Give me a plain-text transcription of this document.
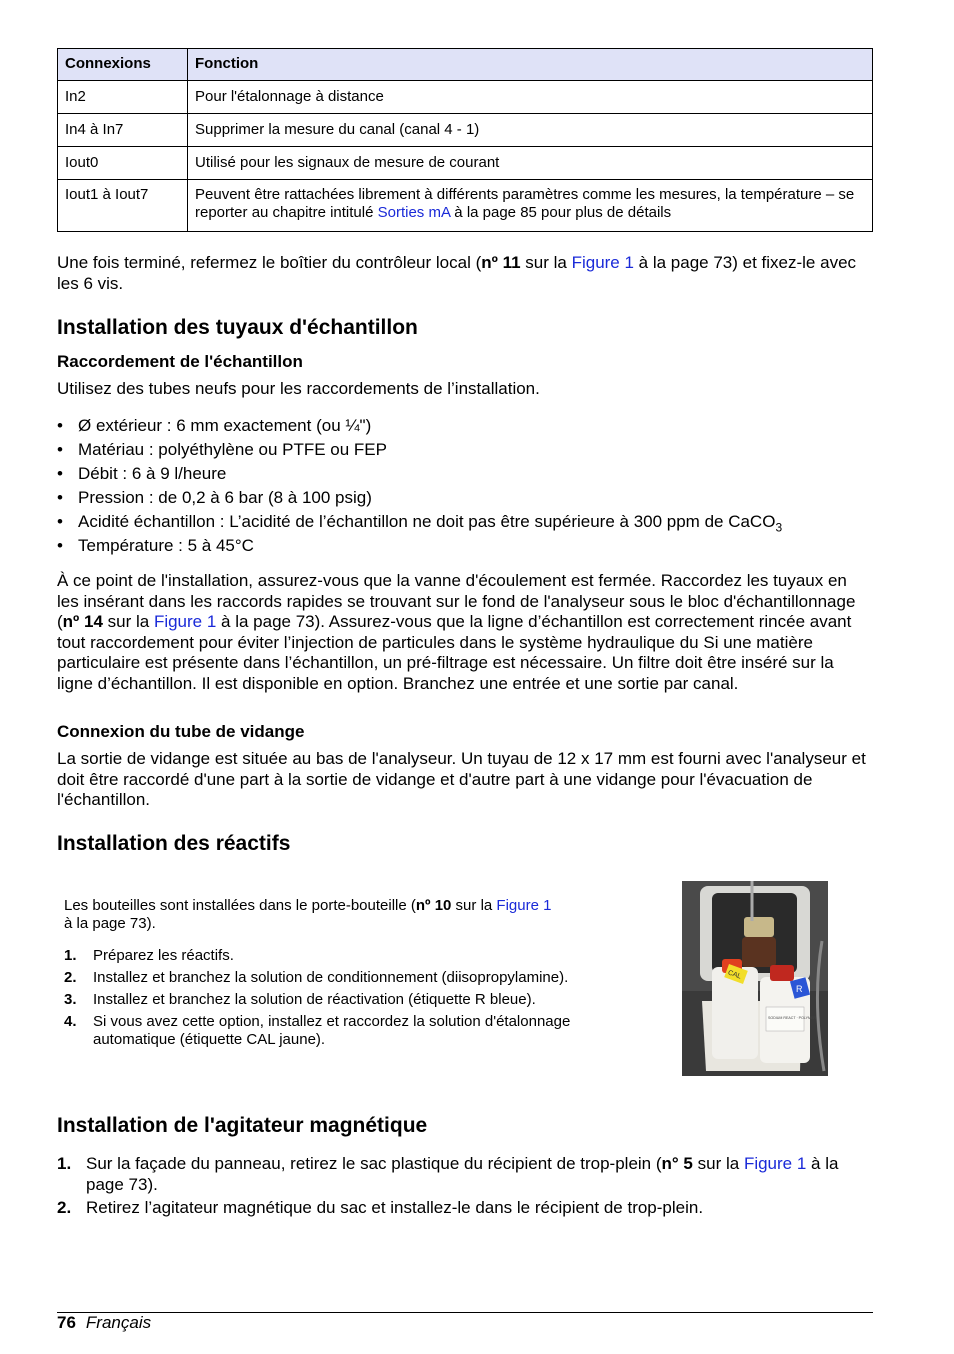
Connexions	Fonction
In2	Pour l'étalonnage à distance
In4 à In7	Supprimer la mesure du canal (canal 4 - 1)
Iout0	Utilisé pour les signaux de mesure de courant
Iout1 à Iout7	Peuvent être rattachées librement à différents paramètres comme les mesures, la température – se reporter au chapitre intitulé Sorties mA à la page 85 pour plus de détails

Une fois terminé, refermez le boîtier du contrôleur local (nº 11 sur la Figure 1 à la page 73) et fixez-le avec les 6 vis.

Installation des tuyaux d'échantillon
Raccordement de l'échantillon

Utilisez des tubes neufs pour les raccordements de l’installation.

• Ø extérieur : 6 mm exactement (ou ¼")
• Matériau : polyéthylène ou PTFE ou FEP
• Débit : 6 à 9 l/heure
• Pression : de 0,2 à 6 bar (8 à 100 psig)
• Acidité échantillon : L’acidité de l’échantillon ne doit pas être supérieure à 300 ppm de CaCO$_3$
• Température : 5 à 45°C

À ce point de l'installation, assurez-vous que la vanne d'écoulement est fermée. Raccordez les tuyaux en les insérant dans les raccords rapides se trouvant sur le fond de l'analyseur sous le bloc d'échantillonnage (nº 14 sur la Figure 1 à la page 73). Assurez-vous que la ligne d’échantillon est correctement rincée avant tout raccordement pour éviter l’injection de particules dans le système hydraulique du Si une matière particulaire est présente dans l’échantillon, un pré-filtrage est nécessaire. Un filtre doit être inséré sur la ligne d’échantillon. Il est disponible en option. Branchez une entrée et une sortie par canal.

Connexion du tube de vidange

La sortie de vidange est située au bas de l'analyseur. Un tuyau de 12 x 17 mm est fourni avec l'analyseur et doit être raccordé d'une part à la sortie de vidange et d'autre part à une vidange pour l'évacuation de l'échantillon.

Installation des réactifs

Les bouteilles sont installées dans le porte-bouteille (nº 10 sur la Figure 1
à la page 73).

1. Préparez les réactifs.
2. Installez et branchez la solution de conditionnement (diisopropylamine).
3. Installez et branchez la solution de réactivation (étiquette R bleue).
4. Si vous avez cette option, installez et raccordez la solution d'étalonnage automatique (étiquette CAL jaune).
CAL
R
SODIUM REACT · POLYMER
Installation de l'agitateur magnétique
1. Sur la façade du panneau, retirez le sac plastique du récipient de trop-plein (n° 5 sur la Figure 1 à la page 73).
2. Retirez l’agitateur magnétique du sac et installez-le dans le récipient de trop-plein.
76 Français
